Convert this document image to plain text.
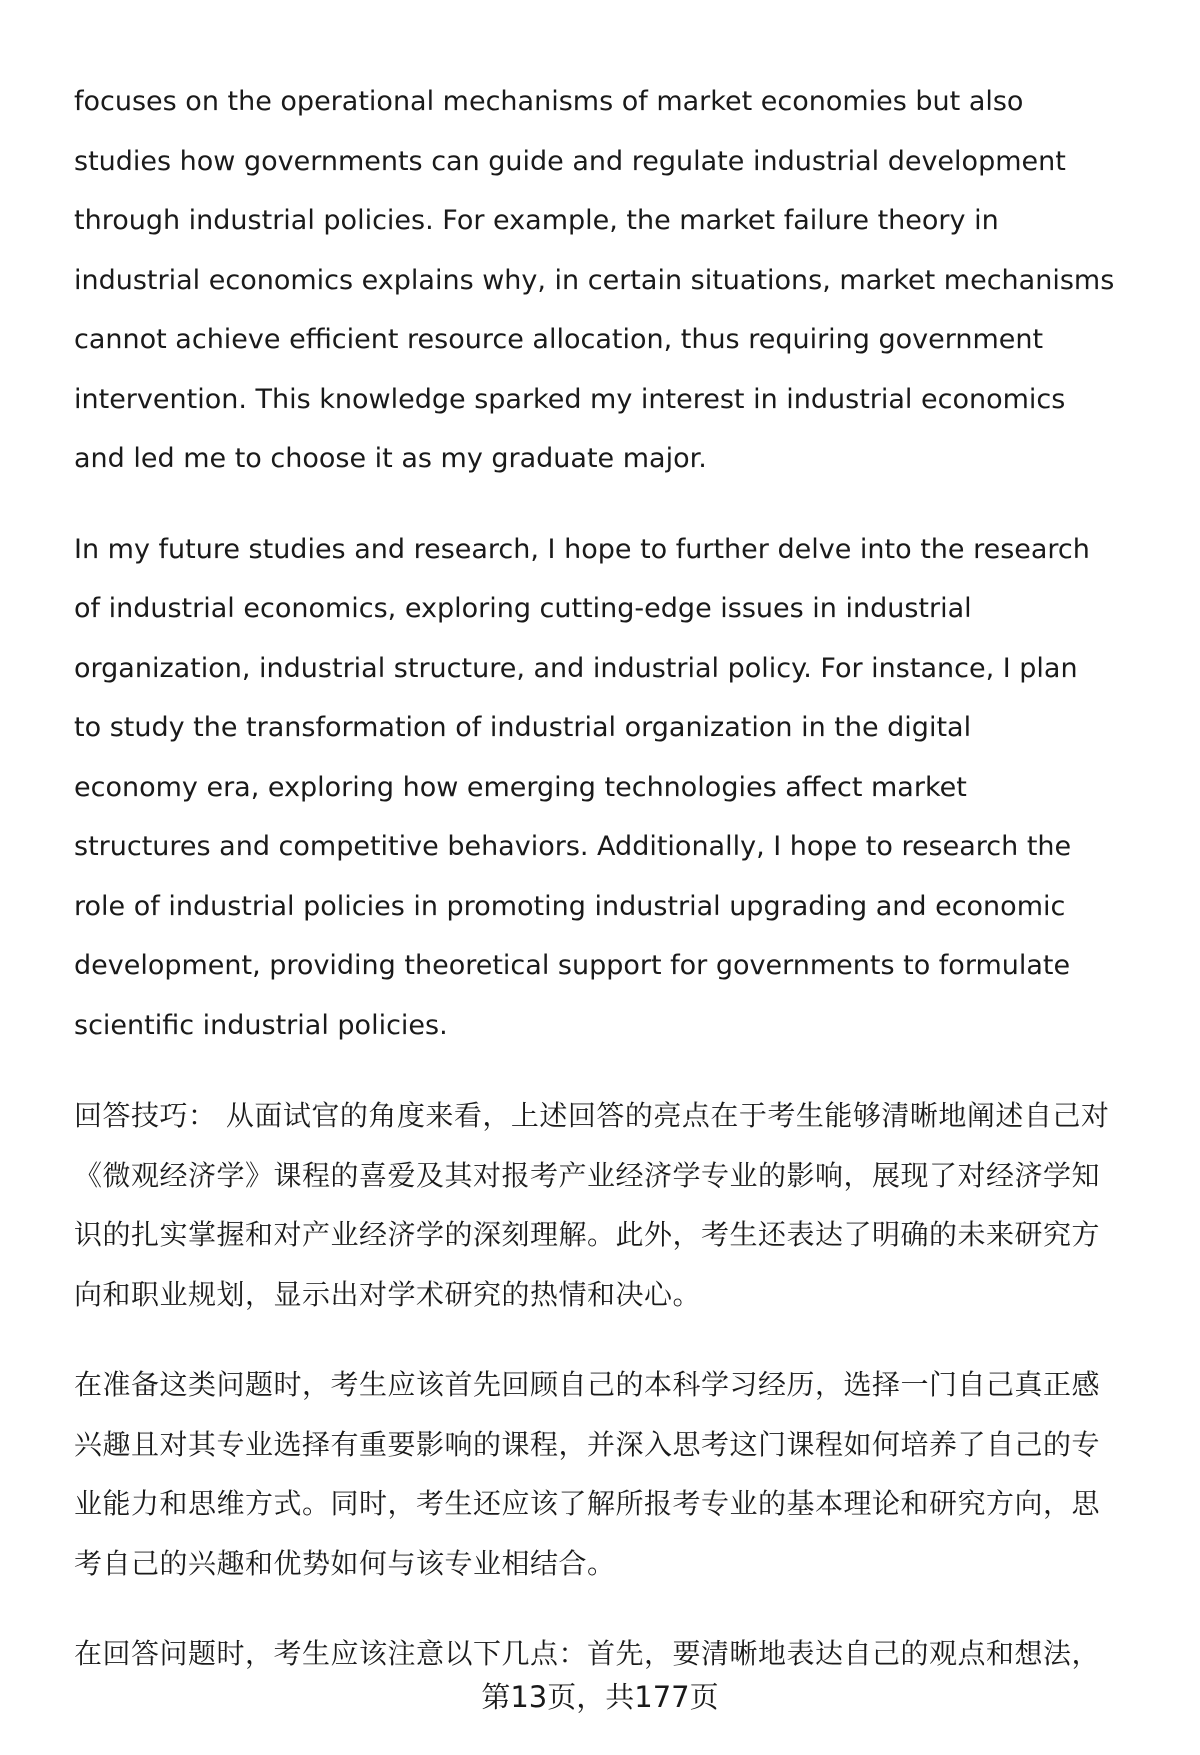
focuses on the operational mechanisms of market economies but also
studies how governments can guide and regulate industrial development
through industrial policies. For example, the market failure theory in
industrial economics explains why, in certain situations, market mechanisms
cannot achieve efficient resource allocation, thus requiring government
intervention. This knowledge sparked my interest in industrial economics
and led me to choose it as my graduate major.
In my future studies and research, I hope to further delve into the research
of industrial economics, exploring cutting-edge issues in industrial
organization, industrial structure, and industrial policy. For instance, I plan
to study the transformation of industrial organization in the digital
economy era, exploring how emerging technologies affect market
structures and competitive behaviors. Additionally, I hope to research the
role of industrial policies in promoting industrial upgrading and economic
development, providing theoretical support for governments to formulate
scientific industrial policies.
回答技巧： 从面试官的角度来看，上述回答的亮点在于考生能够清晰地阐述自己对
《微观经济学》课程的喜爱及其对报考产业经济学专业的影响，展现了对经济学知
识的扎实掌握和对产业经济学的深刻理解。此外，考生还表达了明确的未来研究方
向和职业规划，显示出对学术研究的热情和决心。
在准备这类问题时，考生应该首先回顾自己的本科学习经历，选择一门自己真正感
兴趣且对其专业选择有重要影响的课程，并深入思考这门课程如何培养了自己的专
业能力和思维方式。同时，考生还应该了解所报考专业的基本理论和研究方向，思
考自己的兴趣和优势如何与该专业相结合。
在回答问题时，考生应该注意以下几点：首先，要清晰地表达自己的观点和想法，
第13页，共177页
